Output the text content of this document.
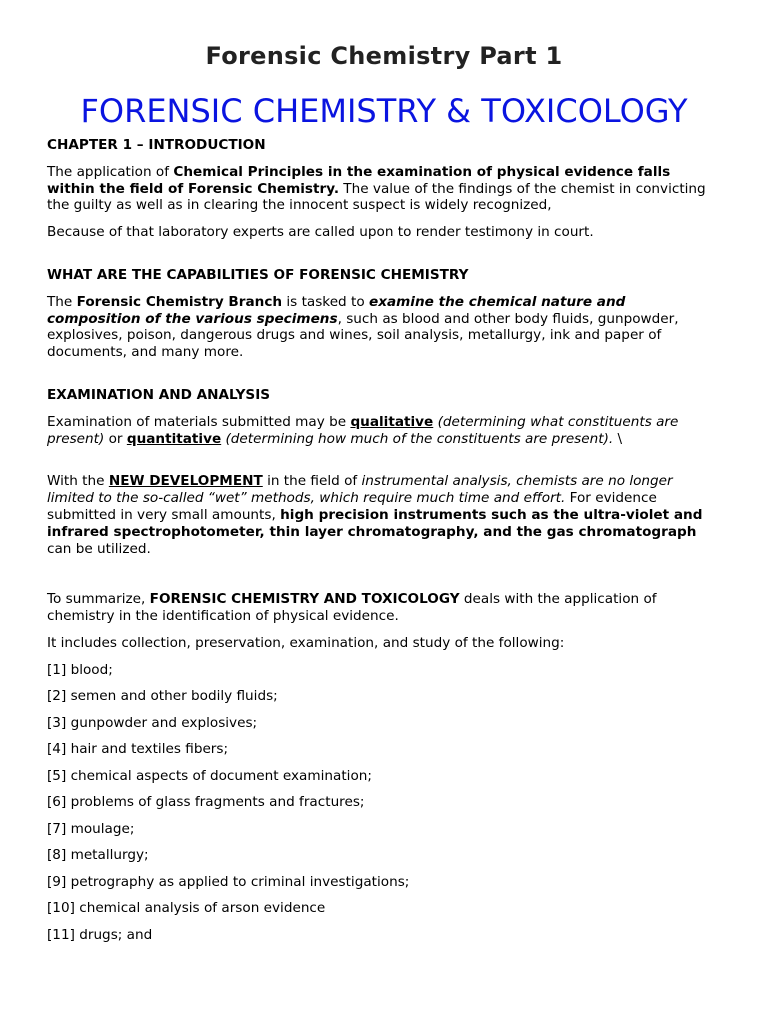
Forensic Chemistry Part 1
FORENSIC CHEMISTRY & TOXICOLOGY

CHAPTER 1 – INTRODUCTION

The application of Chemical Principles in the examination of physical evidence falls within the field of Forensic Chemistry. The value of the findings of the chemist in convicting the guilty as well as in clearing the innocent suspect is widely recognized,

Because of that laboratory experts are called upon to render testimony in court.

WHAT ARE THE CAPABILITIES OF FORENSIC CHEMISTRY

The Forensic Chemistry Branch is tasked to examine the chemical nature and composition of the various specimens, such as blood and other body fluids, gunpowder, explosives, poison, dangerous drugs and wines, soil analysis, metallurgy, ink and paper of documents, and many more.

EXAMINATION AND ANALYSIS

Examination of materials submitted may be qualitative (determining what constituents are present) or quantitative (determining how much of the constituents are present). \

With the NEW DEVELOPMENT in the field of instrumental analysis, chemists are no longer limited to the so-called “wet” methods, which require much time and effort. For evidence submitted in very small amounts, high precision instruments such as the ultra-violet and infrared spectrophotometer, thin layer chromatography, and the gas chromatograph can be utilized.

To summarize, FORENSIC CHEMISTRY AND TOXICOLOGY deals with the application of chemistry in the identification of physical evidence.

It includes collection, preservation, examination, and study of the following:

[1] blood;
[2] semen and other bodily fluids;
[3] gunpowder and explosives;
[4] hair and textiles fibers;
[5] chemical aspects of document examination;
[6] problems of glass fragments and fractures;
[7] moulage;
[8] metallurgy;
[9] petrography as applied to criminal investigations;
[10] chemical analysis of arson evidence
[11] drugs; and
